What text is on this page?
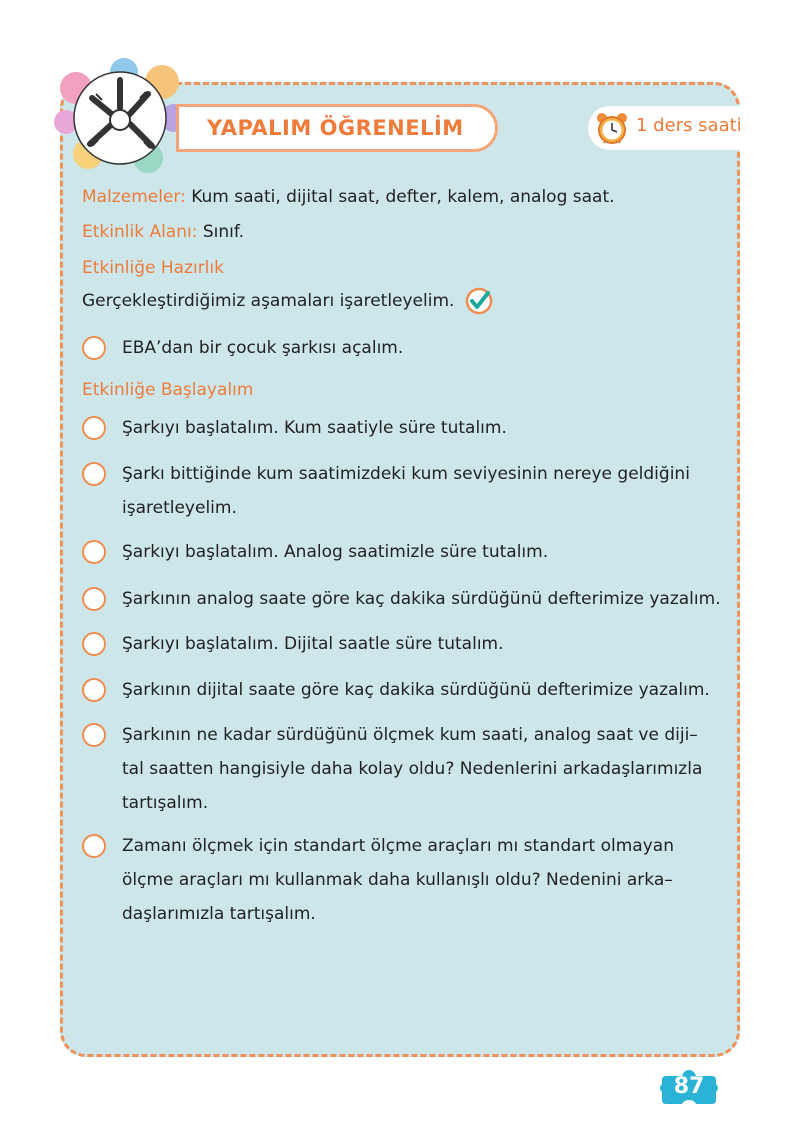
YAPALIM ÖĞRENELİM	1 ders saati
Malzemeler: Kum saati, dijital saat, defter, kalem, analog saat.
Etkinlik Alanı: Sınıf.
Etkinliğe Hazırlık
Gerçekleştirdiğimiz aşamaları işaretleyelim.
EBA’dan bir çocuk şarkısı açalım.
Etkinliğe Başlayalım
Şarkıyı başlatalım. Kum saatiyle süre tutalım.
Şarkı bittiğinde kum saatimizdeki kum seviyesinin nereye geldiğini
işaretleyelim.
Şarkıyı başlatalım. Analog saatimizle süre tutalım.
Şarkının analog saate göre kaç dakika sürdüğünü defterimize yazalım.
Şarkıyı başlatalım. Dijital saatle süre tutalım.
Şarkının dijital saate göre kaç dakika sürdüğünü defterimize yazalım.
Şarkının ne kadar sürdüğünü ölçmek kum saati, analog saat ve diji–
tal saatten hangisiyle daha kolay oldu? Nedenlerini arkadaşlarımızla
tartışalım.
Zamanı ölçmek için standart ölçme araçları mı standart olmayan
ölçme araçları mı kullanmak daha kullanışlı oldu? Nedenini arka–
daşlarımızla tartışalım.
87
